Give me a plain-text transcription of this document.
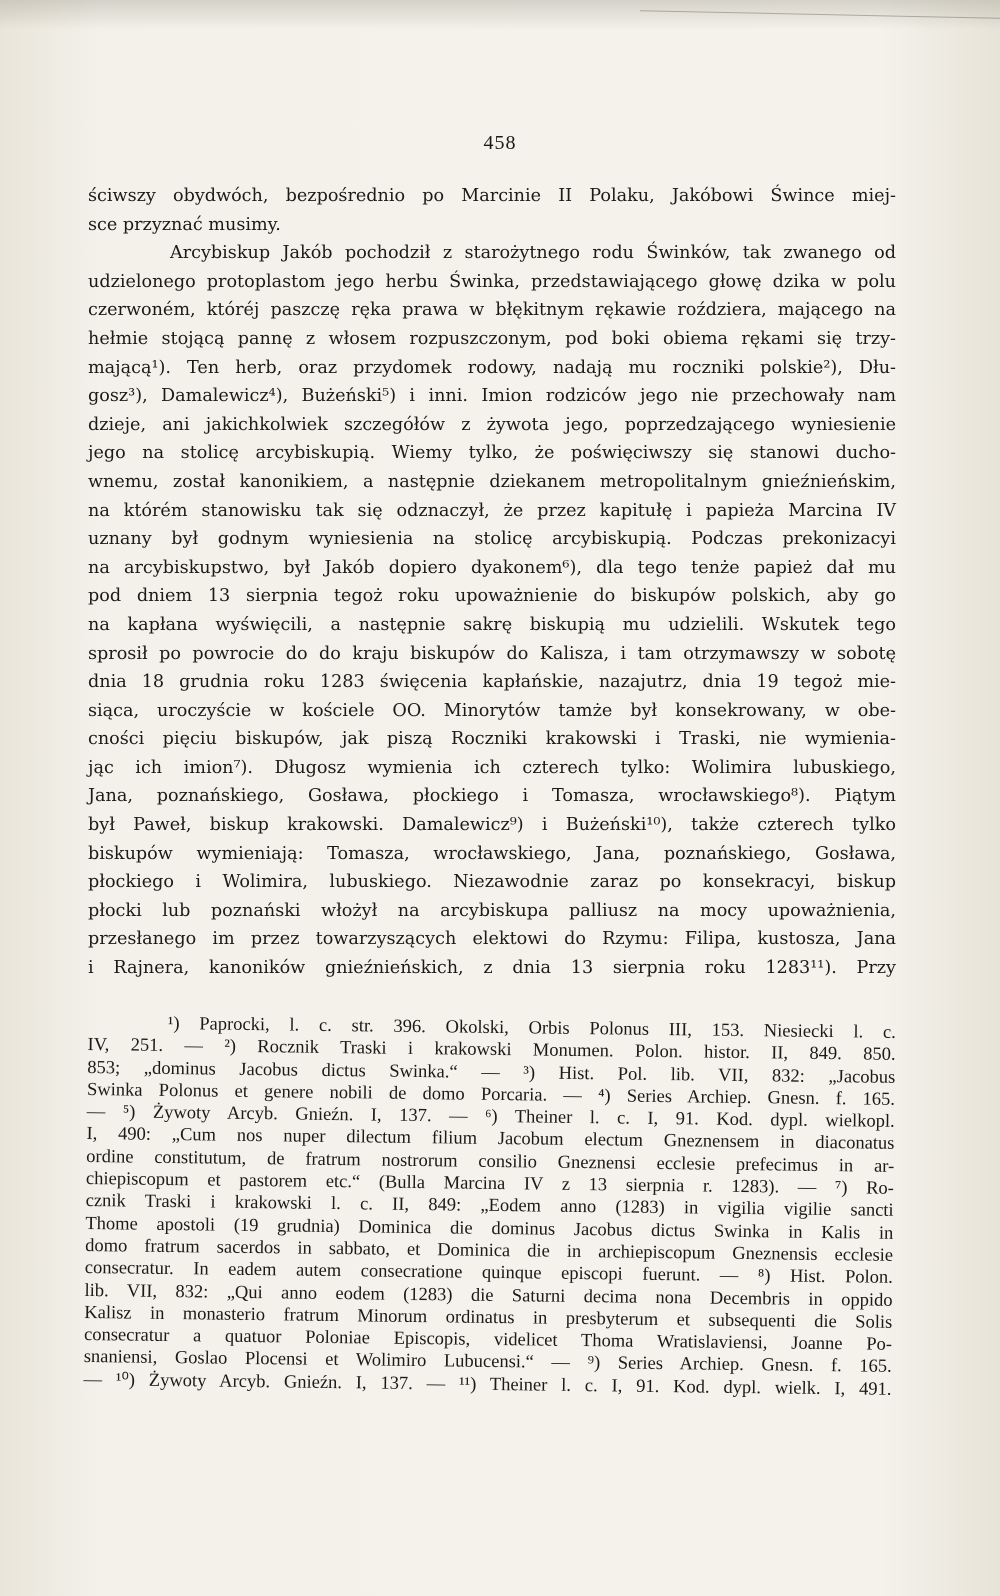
458
ściwszy obydwóch, bezpośrednio po Marcinie II Polaku, Jakóbowi Śwince miej-
sce przyznać musimy.
Arcybiskup Jakób pochodził z starożytnego rodu Świnków, tak zwanego od
udzielonego protoplastom jego herbu Świnka, przedstawiającego głowę dzika w polu
czerwoném, któréj paszczę ręka prawa w błękitnym rękawie roździera, mającego na
hełmie stojącą pannę z włosem rozpuszczonym, pod boki obiema rękami się trzy-
mającą¹). Ten herb, oraz przydomek rodowy, nadają mu roczniki polskie²), Dłu-
gosz³), Damalewicz⁴), Bużeński⁵) i inni. Imion rodziców jego nie przechowały nam
dzieje, ani jakichkolwiek szczegółów z żywota jego, poprzedzającego wyniesienie
jego na stolicę arcybiskupią. Wiemy tylko, że poświęciwszy się stanowi ducho-
wnemu, został kanonikiem, a następnie dziekanem metropolitalnym gnieźnieńskim,
na którém stanowisku tak się odznaczył, że przez kapitułę i papieża Marcina IV
uznany był godnym wyniesienia na stolicę arcybiskupią. Podczas prekonizacyi
na arcybiskupstwo, był Jakób dopiero dyakonem⁶), dla tego tenże papież dał mu
pod dniem 13 sierpnia tegoż roku upoważnienie do biskupów polskich, aby go
na kapłana wyświęcili, a następnie sakrę biskupią mu udzielili. Wskutek tego
sprosił po powrocie do do kraju biskupów do Kalisza, i tam otrzymawszy w sobotę
dnia 18 grudnia roku 1283 święcenia kapłańskie, nazajutrz, dnia 19 tegoż mie-
siąca, uroczyście w kościele OO. Minorytów tamże był konsekrowany, w obe-
cności pięciu biskupów, jak piszą Roczniki krakowski i Traski, nie wymienia-
jąc ich imion⁷). Długosz wymienia ich czterech tylko: Wolimira lubuskiego,
Jana, poznańskiego, Gosława, płockiego i Tomasza, wrocławskiego⁸). Piątym
był Paweł, biskup krakowski. Damalewicz⁹) i Bużeński¹⁰), także czterech tylko
biskupów wymieniają: Tomasza, wrocławskiego, Jana, poznańskiego, Gosława,
płockiego i Wolimira, lubuskiego. Niezawodnie zaraz po konsekracyi, biskup
płocki lub poznański włożył na arcybiskupa palliusz na mocy upoważnienia,
przesłanego im przez towarzyszących elektowi do Rzymu: Filipa, kustosza, Jana
i Rajnera, kanoników gnieźnieńskich, z dnia 13 sierpnia roku 1283¹¹). Przy
¹) Paprocki, l. c. str. 396. Okolski, Orbis Polonus III, 153. Niesiecki l. c.
IV, 251. — ²) Rocznik Traski i krakowski Monumen. Polon. histor. II, 849. 850.
853; „dominus Jacobus dictus Swinka.“ — ³) Hist. Pol. lib. VII, 832: „Jacobus
Swinka Polonus et genere nobili de domo Porcaria. — ⁴) Series Archiep. Gnesn. f. 165.
— ⁵) Żywoty Arcyb. Gnieźn. I, 137. — ⁶) Theiner l. c. I, 91. Kod. dypl. wielkopl.
I, 490: „Cum nos nuper dilectum filium Jacobum electum Gneznensem in diaconatus
ordine constitutum, de fratrum nostrorum consilio Gneznensi ecclesie prefecimus in ar-
chiepiscopum et pastorem etc.“ (Bulla Marcina IV z 13 sierpnia r. 1283). — ⁷) Ro-
cznik Traski i krakowski l. c. II, 849: „Eodem anno (1283) in vigilia vigilie sancti
Thome apostoli (19 grudnia) Dominica die dominus Jacobus dictus Swinka in Kalis in
domo fratrum sacerdos in sabbato, et Dominica die in archiepiscopum Gneznensis ecclesie
consecratur. In eadem autem consecratione quinque episcopi fuerunt. — ⁸) Hist. Polon.
lib. VII, 832: „Qui anno eodem (1283) die Saturni decima nona Decembris in oppido
Kalisz in monasterio fratrum Minorum ordinatus in presbyterum et subsequenti die Solis
consecratur a quatuor Poloniae Episcopis, videlicet Thoma Wratislaviensi, Joanne Po-
snaniensi, Goslao Plocensi et Wolimiro Lubucensi.“ — ⁹) Series Archiep. Gnesn. f. 165.
— ¹⁰) Żywoty Arcyb. Gnieźn. I, 137. — ¹¹) Theiner l. c. I, 91. Kod. dypl. wielk. I, 491.
